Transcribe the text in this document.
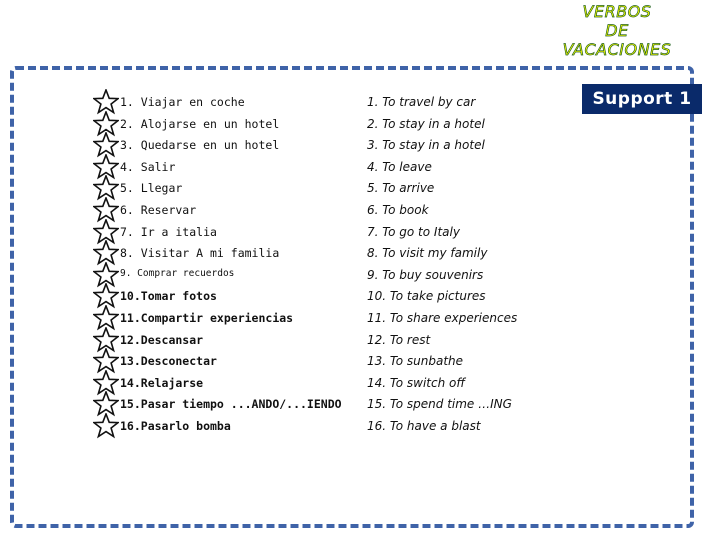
VERBOS
DE
VACACIONES
Support 1
1. Viajar en coche	1. To travel by car
2. Alojarse en un hotel	2. To stay in a hotel
3. Quedarse en un hotel	3. To stay in a hotel
4. Salir	4. To leave
5. Llegar	5. To arrive
6. Reservar	6. To book
7. Ir a italia	7. To go to Italy
8. Visitar A mi familia	8. To visit my family
9. Comprar recuerdos	9. To buy souvenirs
10.Tomar fotos	10. To take pictures
11.Compartir experiencias	11. To share experiences
12.Descansar	12. To rest
13.Desconectar	13. To sunbathe
14.Relajarse	14. To switch off
15.Pasar tiempo ...ANDO/...IENDO 15. To spend time …ING
16.Pasarlo bomba	16. To have a blast
